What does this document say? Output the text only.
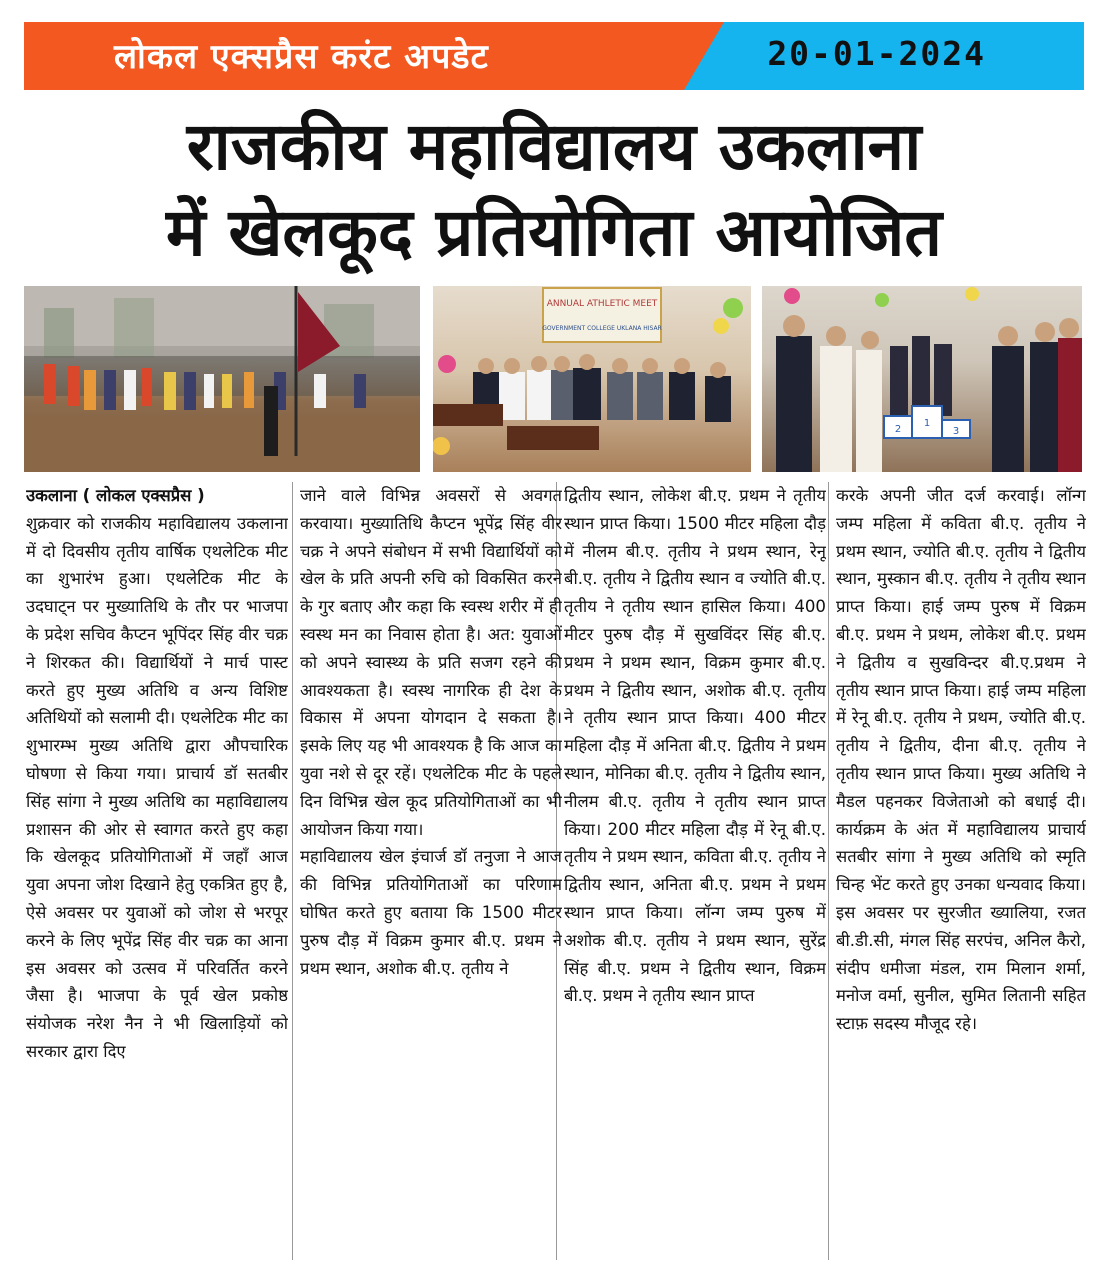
लोकल एक्सप्रैस करंट अपडेट	20-01-2024
राजकीय महाविद्यालय उकलाना
में खेलकूद प्रतियोगिता आयोजित
ANNUAL ATHLETIC MEET
GOVERNMENT COLLEGE UKLANA HISAR
2
1
3

उकलाना ( लोकल एक्सप्रैस )
शुक्रवार को राजकीय महाविद्यालय उकलाना में दो दिवसीय तृतीय वार्षिक एथलेटिक मीट का शुभारंभ हुआ। एथलेटिक मीट के उदघाट्न पर मुख्यातिथि के तौर पर भाजपा के प्रदेश सचिव कैप्टन भूपिंदर सिंह वीर चक्र ने शिरकत की। विद्यार्थियों ने मार्च पास्ट करते हुए मुख्य अतिथि व अन्य विशिष्ट अतिथियों को सलामी दी। एथलेटिक मीट का शुभारम्भ मुख्य अतिथि द्वारा औपचारिक घोषणा से किया गया। प्राचार्य डॉ सतबीर सिंह सांगा ने मुख्य अतिथि का महाविद्यालय प्रशासन की ओर से स्वागत करते हुए कहा कि खेलकूद प्रतियोगिताओं में जहाँ आज युवा अपना जोश दिखाने हेतु एकत्रित हुए है, ऐसे अवसर पर युवाओं को जोश से भरपूर करने के लिए भूपेंद्र सिंह वीर चक्र का आना इस अवसर को उत्सव में परिवर्तित करने जैसा है। भाजपा के पूर्व खेल प्रकोष्ठ संयोजक नरेश नैन ने भी खिलाड़ियों को सरकार द्वारा दिए

जाने वाले विभिन्न अवसरों से अवगत करवाया। मुख्यातिथि कैप्टन भूपेंद्र सिंह वीर चक्र ने अपने संबोधन में सभी विद्यार्थियों को खेल के प्रति अपनी रुचि को विकसित करने के गुर बताए और कहा कि स्वस्थ शरीर में ही स्वस्थ मन का निवास होता है। अत: युवाओं को अपने स्वास्थ्य के प्रति सजग रहने की आवश्यकता है। स्वस्थ नागरिक ही देश के विकास में अपना योगदान दे सकता है। इसके लिए यह भी आवश्यक है कि आज का युवा नशे से दूर रहें। एथलेटिक मीट के पहले दिन विभिन्न खेल कूद प्रतियोगिताओं का भी आयोजन किया गया।

महाविद्यालय खेल इंचार्ज डॉ तनुजा ने आज की विभिन्न प्रतियोगिताओं का परिणाम घोषित करते हुए बताया कि 1500 मीटर पुरुष दौड़ में विक्रम कुमार बी.ए. प्रथम ने प्रथम स्थान, अशोक बी.ए. तृतीय ने

द्वितीय स्थान, लोकेश बी.ए. प्रथम ने तृतीय स्थान प्राप्त किया। 1500 मीटर महिला दौड़ में नीलम बी.ए. तृतीय ने प्रथम स्थान, रेनू बी.ए. तृतीय ने द्वितीय स्थान व ज्योति बी.ए. तृतीय ने तृतीय स्थान हासिल किया। 400 मीटर पुरुष दौड़ में सुखविंदर सिंह बी.ए. प्रथम ने प्रथम स्थान, विक्रम कुमार बी.ए. प्रथम ने द्वितीय स्थान, अशोक बी.ए. तृतीय ने तृतीय स्थान प्राप्त किया। 400 मीटर महिला दौड़ में अनिता बी.ए. द्वितीय ने प्रथम स्थान, मोनिका बी.ए. तृतीय ने द्वितीय स्थान, नीलम बी.ए. तृतीय ने तृतीय स्थान प्राप्त किया। 200 मीटर महिला दौड़ में रेनू बी.ए. तृतीय ने प्रथम स्थान, कविता बी.ए. तृतीय ने द्वितीय स्थान, अनिता बी.ए. प्रथम ने प्रथम स्थान प्राप्त किया। लॉन्ग जम्प पुरुष में अशोक बी.ए. तृतीय ने प्रथम स्थान, सुरेंद्र सिंह बी.ए. प्रथम ने द्वितीय स्थान, विक्रम बी.ए. प्रथम ने तृतीय स्थान प्राप्त

करके अपनी जीत दर्ज करवाई। लॉन्ग जम्प महिला में कविता बी.ए. तृतीय ने प्रथम स्थान, ज्योति बी.ए. तृतीय ने द्वितीय स्थान, मुस्कान बी.ए. तृतीय ने तृतीय स्थान प्राप्त किया। हाई जम्प पुरुष में विक्रम बी.ए. प्रथम ने प्रथम, लोकेश बी.ए. प्रथम ने द्वितीय व सुखविन्दर बी.ए.प्रथम ने तृतीय स्थान प्राप्त किया। हाई जम्प महिला में रेनू बी.ए. तृतीय ने प्रथम, ज्योति बी.ए. तृतीय ने द्वितीय, दीना बी.ए. तृतीय ने तृतीय स्थान प्राप्त किया। मुख्य अतिथि ने मैडल पहनकर विजेताओ को बधाई दी। कार्यक्रम के अंत में महाविद्यालय प्राचार्य सतबीर सांगा ने मुख्य अतिथि को स्मृति चिन्ह भेंट करते हुए उनका धन्यवाद किया। इस अवसर पर सुरजीत ख्यालिया, रजत बी.डी.सी, मंगल सिंह सरपंच, अनिल कैरो, संदीप धमीजा मंडल, राम मिलान शर्मा, मनोज वर्मा, सुनील, सुमित लितानी सहित स्टाफ़ सदस्य मौजूद रहे।
